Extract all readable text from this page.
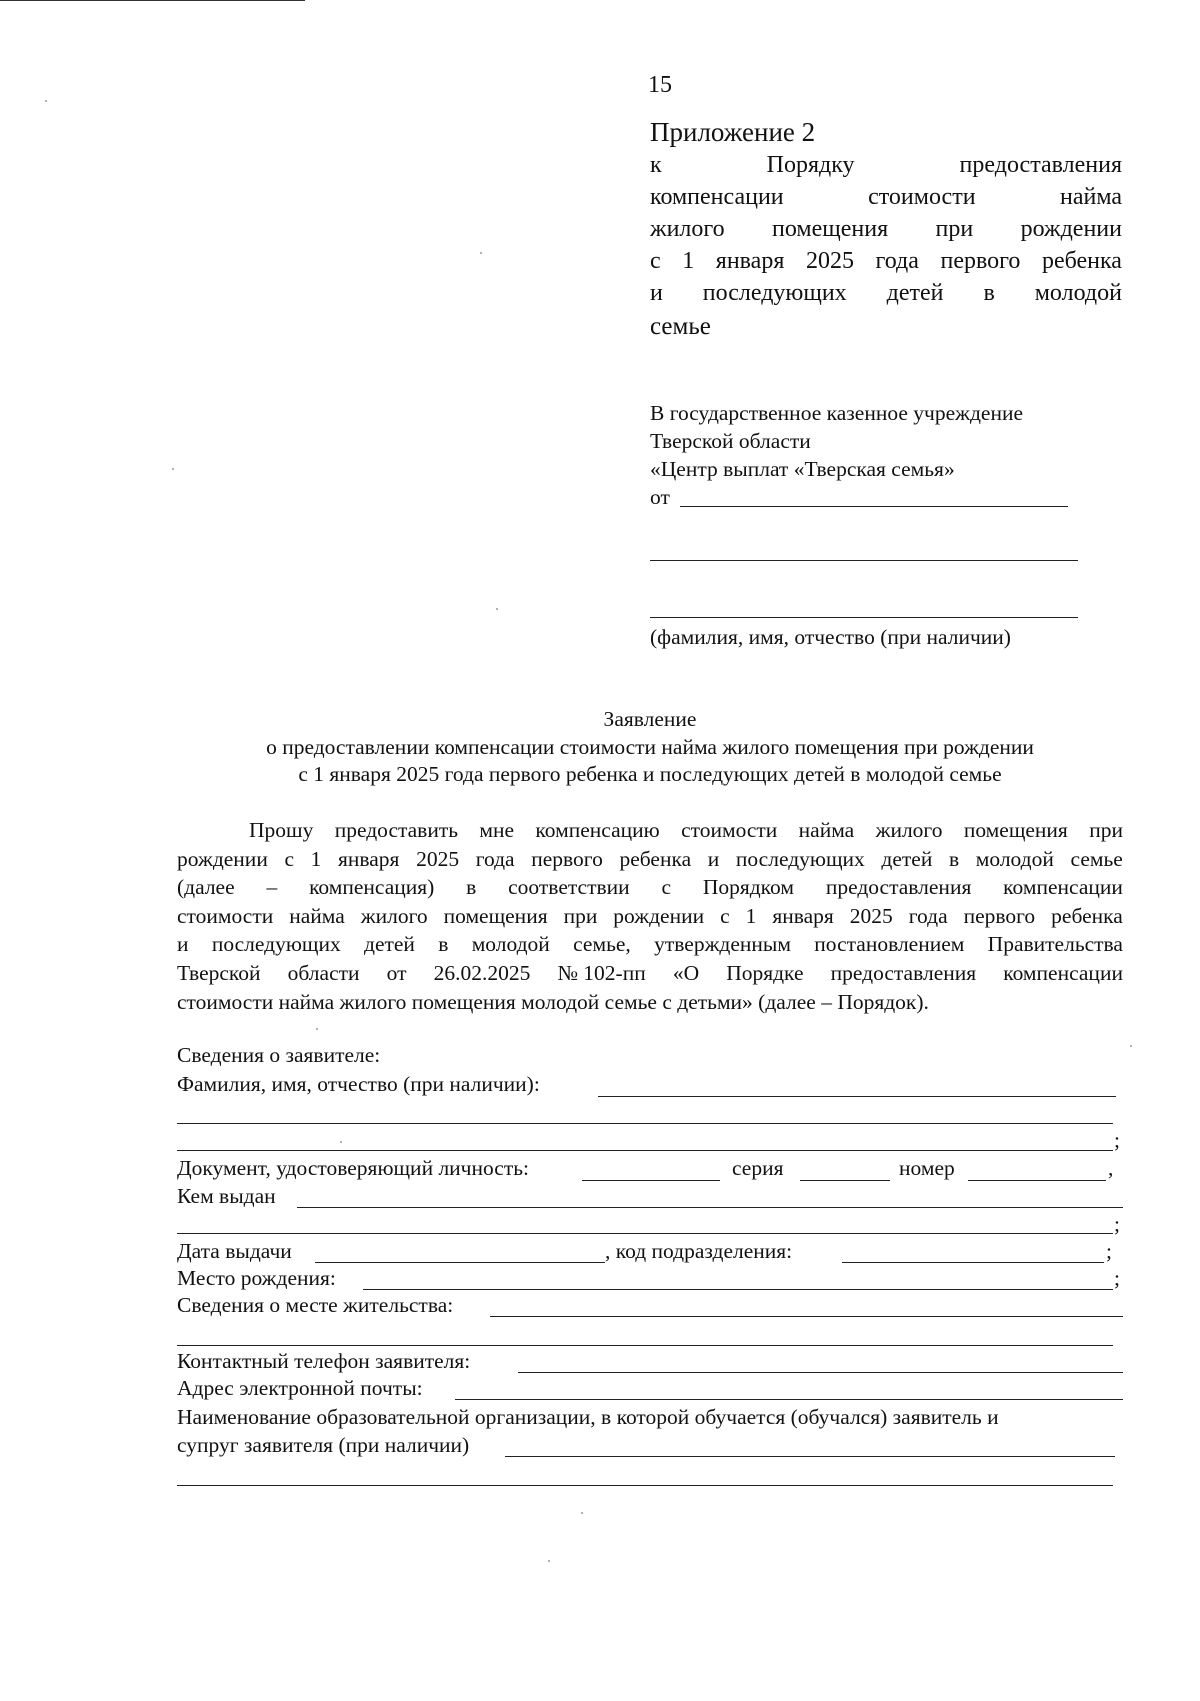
15
Приложение 2
к	Порядку	предоставления
компенсации	стоимости	найма
жилого помещения при рождении
с 1 января 2025 года первого ребенка
и последующих детей в молодой
семье
В государственное казенное учреждение
Тверской области
«Центр выплат «Тверская семья»
от
(фамилия, имя, отчество (при наличии)
Заявление
о предоставлении компенсации стоимости найма жилого помещения при рождении
с 1 января 2025 года первого ребенка и последующих детей в молодой семье
Прошу предоставить мне компенсацию стоимости найма жилого помещения при
рождении с 1 января 2025 года первого ребенка и последующих детей в молодой семье
(далее – компенсация) в соответствии с Порядком предоставления компенсации
стоимости найма жилого помещения при рождении с 1 января 2025 года первого ребенка
и последующих детей в молодой семье, утвержденным постановлением Правительства
Тверской области от 26.02.2025 № 102-пп «О Порядке предоставления компенсации
стоимости найма жилого помещения молодой семье с детьми» (далее – Порядок).
Сведения о заявителе:
Фамилия, имя, отчество (при наличии):
;
Документ, удостоверяющий личность:	серия	номер	,
Кем выдан
;
Дата выдачи	, код подразделения:	;
Место рождения:	;
Сведения о месте жительства:
Контактный телефон заявителя:
Адрес электронной почты:
Наименование образовательной организации, в которой обучается (обучался) заявитель и
супруг заявителя (при наличии)
